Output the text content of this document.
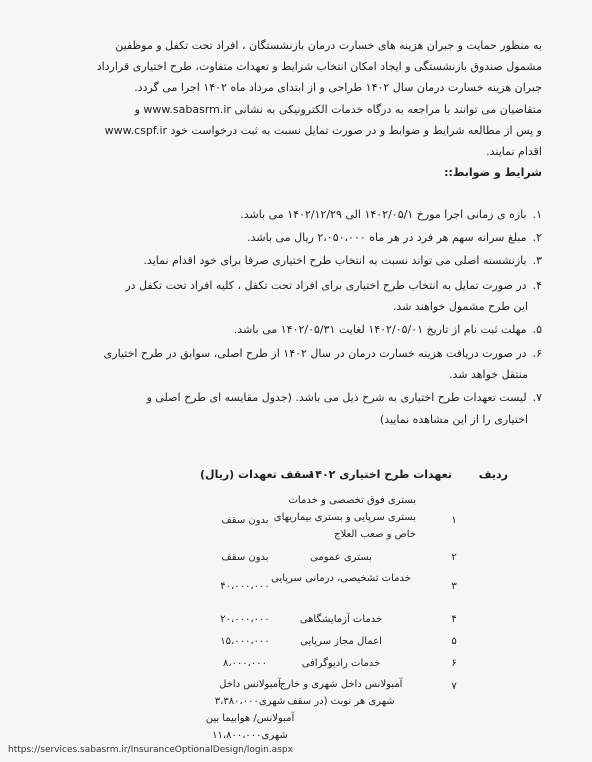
به منظور حمایت و جبران هزینه های خسارت درمان بازنشستگان ، افراد تحت تکفل و موظفین
مشمول صندوق بازنشستگی و ایجاد امکان انتخاب شرایط و تعهدات متفاوت، طرح اختیاری قرارداد
جبران هزینه خسارت درمان سال ۱۴۰۲ طراحی و از ابتدای مرداد ماه ۱۴۰۲ اجرا می گردد.
متقاضیان می توانند با مراجعه به درگاه خدمات الکترونیکی به نشانی www.sabasrm.ir و
www.cspf.ir و پس از مطالعه شرایط و ضوابط و در صورت تمایل نسبت به ثبت درخواست خود
اقدام نمایند.
شرایط و ضوابط::
۱.بازه ی زمانی اجرا مورخ ۱۴۰۲/۰۵/۱ الی ۱۴۰۲/۱۲/۲۹ می باشد.
۲.مبلغ سرانه سهم هر فرد در هر ماه ۲،۰۵۰،۰۰۰ ریال می باشد.
۳.بازنشسته اصلی می تواند نسبت به انتخاب طرح اختیاری صرفا برای خود اقدام نماید.
۴.در صورت تمایل به انتخاب طرح اختیاری برای افراد تحت تکفل ، کلیه افراد تحت تکفل در
این طرح مشمول خواهند شد.
۵.مهلت ثبت نام از تاریخ ۱۴۰۲/۰۵/۰۱ لغایت ۱۴۰۲/۰۵/۳۱ می باشد.
۶.در صورت دریافت هزینه خسارت درمان در سال ۱۴۰۲ از طرح اصلی، سوابق در طرح اختیاری
منتقل خواهد شد.
۷.لیست تعهدات طرح اختیاری به شرح ذیل می باشد. (جدول مقایسه ای طرح اصلی و
اختیاری را از این مشاهده نمایید)
ردیف
تعهدات طرح اختیاری ۱۴۰۲
سقف تعهدات (ریال)
۱
بستری فوق تخصصی و خدمات بستری سرپایی و بستری بیماریهای خاص و صعب العلاج
بدون سقف
۲
بستری عمومی
بدون سقف
۳
خدمات تشخیصی، درمانی سرپایی
۴۰،۰۰۰،۰۰۰
۴
خدمات آزمایشگاهی
۲۰،۰۰۰،۰۰۰
۵
اعمال مجاز سرپایی
۱۵،۰۰۰،۰۰۰
۶
خدمات رادیوگرافی
۸،۰۰۰،۰۰۰
۷
آمبولانس داخل شهری و خارج شهری هر نوبت (در سقف
آمبولانس داخل شهری۳،۳۸۰،۰۰۰ آمبولانس/ هوابیما بین شهری۱۱،۸۰۰،۰۰۰
https://services.sabasrm.ir/InsuranceOptionalDesign/login.aspx
